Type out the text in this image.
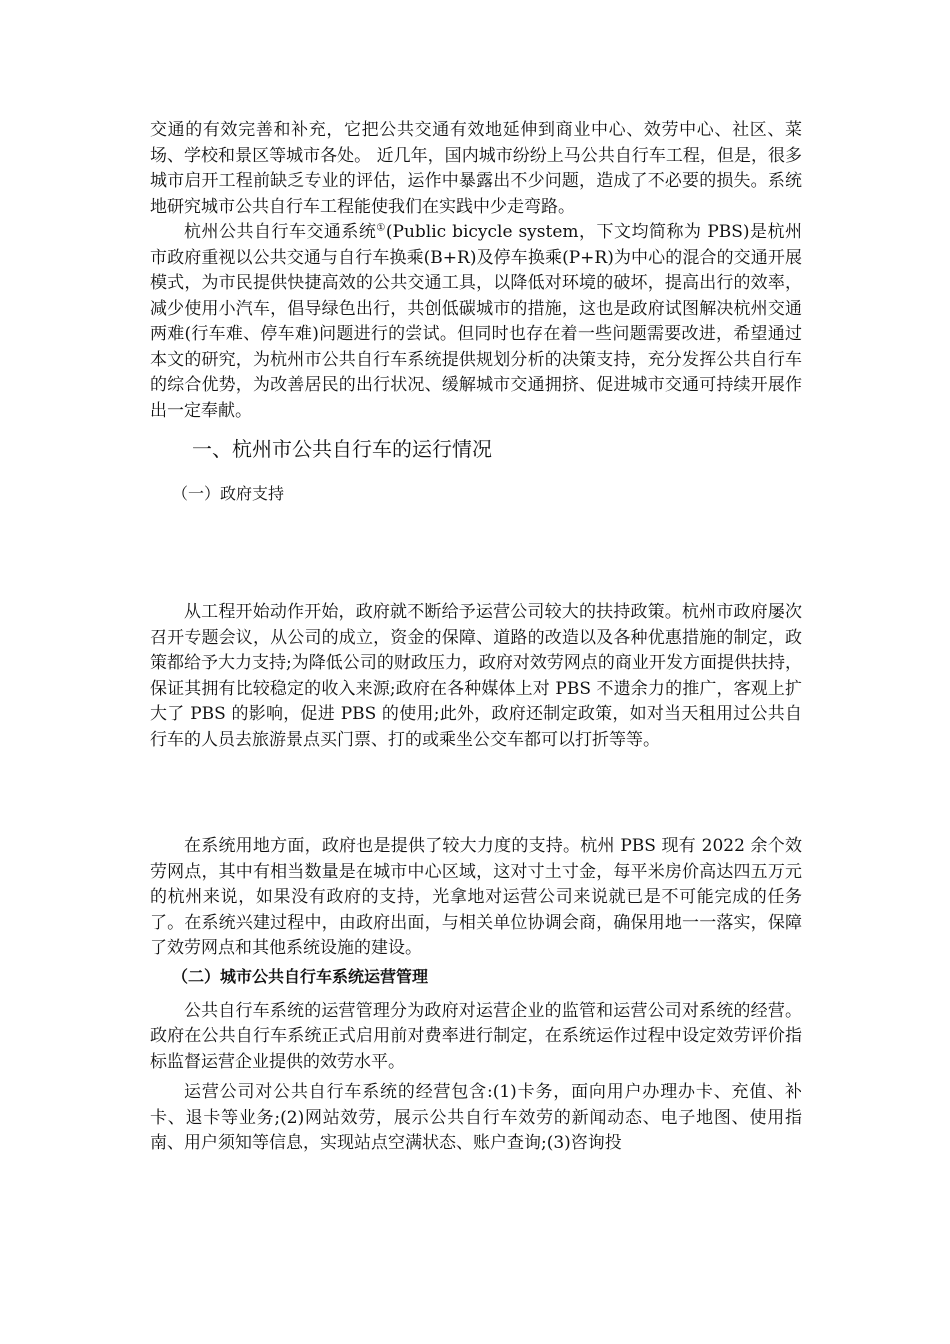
交通的有效完善和补充，它把公共交通有效地延伸到商业中心、效劳中心、社区、菜场、学校和景区等城市各处。 近几年，国内城市纷纷上马公共自行车工程，但是，很多城市启开工程前缺乏专业的评估，运作中暴露出不少问题，造成了不必要的损失。系统地研究城市公共自行车工程能使我们在实践中少走弯路。

杭州公共自行车交通系统①(Public bicycle system，下文均简称为 PBS)是杭州市政府重视以公共交通与自行车换乘(B+R)及停车换乘(P+R)为中心的混合的交通开展模式，为市民提供快捷高效的公共交通工具，以降低对环境的破坏，提高出行的效率，减少使用小汽车，倡导绿色出行，共创低碳城市的措施，这也是政府试图解决杭州交通两难(行车难、停车难)问题进行的尝试。但同时也存在着一些问题需要改进，希望通过本文的研究，为杭州市公共自行车系统提供规划分析的决策支持，充分发挥公共自行车的综合优势，为改善居民的出行状况、缓解城市交通拥挤、促进城市交通可持续开展作出一定奉献。

一、杭州市公共自行车的运行情况
（一）政府支持

从工程开始动作开始，政府就不断给予运营公司较大的扶持政策。杭州市政府屡次召开专题会议，从公司的成立，资金的保障、道路的改造以及各种优惠措施的制定，政策都给予大力支持;为降低公司的财政压力，政府对效劳网点的商业开发方面提供扶持，保证其拥有比较稳定的收入来源;政府在各种媒体上对 PBS 不遗余力的推广，客观上扩大了 PBS 的影响，促进 PBS 的使用;此外，政府还制定政策，如对当天租用过公共自行车的人员去旅游景点买门票、打的或乘坐公交车都可以打折等等。

在系统用地方面，政府也是提供了较大力度的支持。杭州 PBS 现有 2022 余个效劳网点，其中有相当数量是在城市中心区域，这对寸土寸金，每平米房价高达四五万元的杭州来说，如果没有政府的支持，光拿地对运营公司来说就已是不可能完成的任务了。在系统兴建过程中，由政府出面，与相关单位协调会商，确保用地一一落实，保障了效劳网点和其他系统设施的建设。

（二）城市公共自行车系统运营管理

公共自行车系统的运营管理分为政府对运营企业的监管和运营公司对系统的经营。政府在公共自行车系统正式启用前对费率进行制定，在系统运作过程中设定效劳评价指标监督运营企业提供的效劳水平。

运营公司对公共自行车系统的经营包含:(1)卡务，面向用户办理办卡、充值、补卡、退卡等业务;(2)网站效劳，展示公共自行车效劳的新闻动态、电子地图、使用指南、用户须知等信息，实现站点空满状态、账户查询;(3)咨询投
